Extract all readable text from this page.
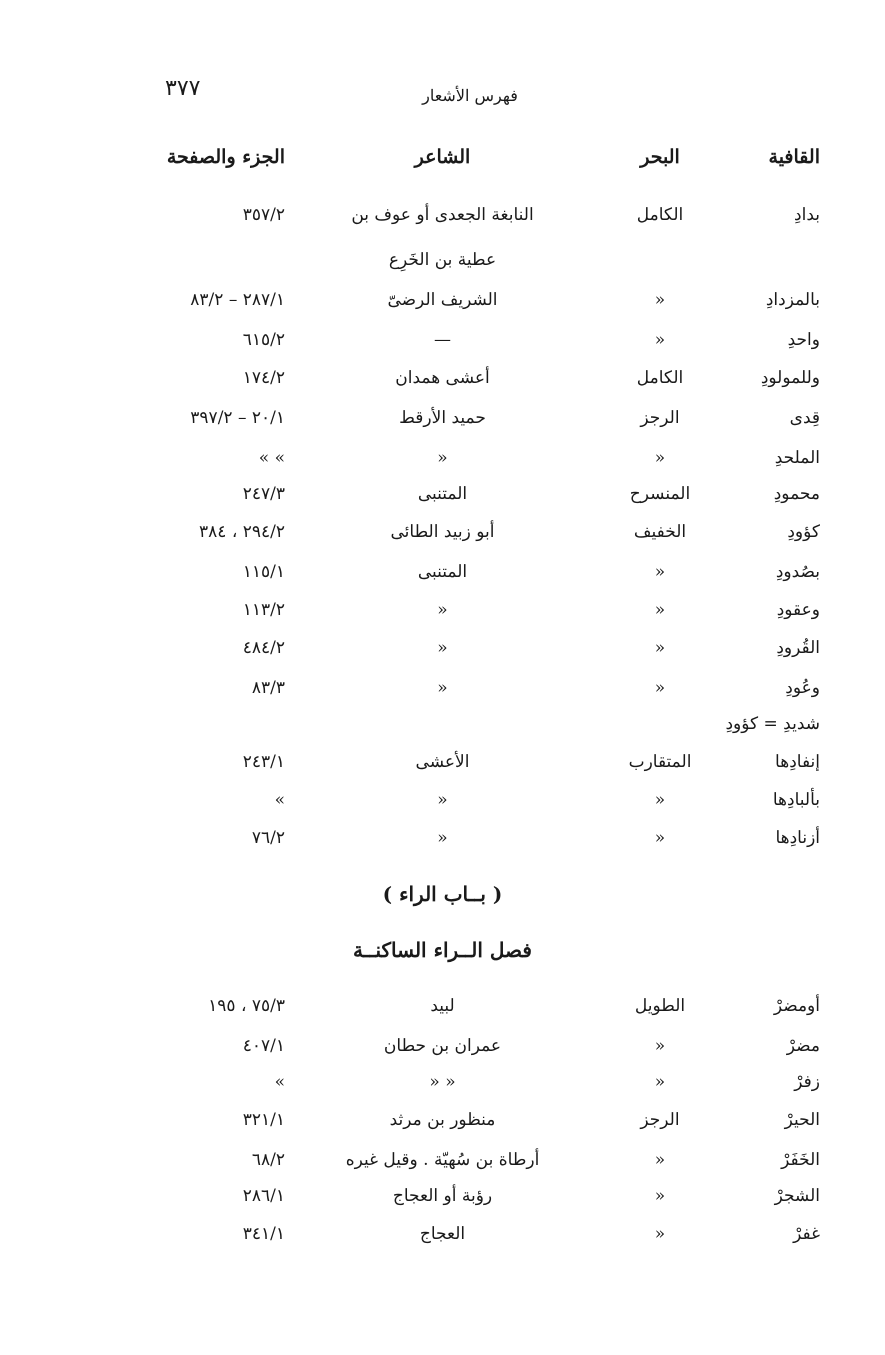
٣٧٧	فهرس الأشعار
القافية
البحر
الشاعر
الجزء والصفحة
بدادِ
الكامل
النابغة الجعدى أو عوف بن
٣٥٧/٢
عطية بن الخَرِع
بالمزدادِ
»
الشريف الرضىّ
٢٨٧/١ – ٨٣/٢
واحدِ
»
—
٦١٥/٢
وللمولودِ
الكامل
أعشى همدان
١٧٤/٢
قِدى
الرجز
حميد الأرقط
٢٠/١ – ٣٩٧/٢
الملحدِ
»
»
» »
محمودِ
المنسرح
المتنبى
٢٤٧/٣
كؤودِ
الخفيف
أبو زبيد الطائى
٢٩٤/٢ ، ٣٨٤
بصُدودِ
»
المتنبى
١١٥/١
وعقودِ
»
»
١١٣/٢
القُرودِ
»
»
٤٨٤/٢
وعُودِ
»
»
٨٣/٣
شديدِ = كؤودِ
إنفادِها
المتقارب
الأعشى
٢٤٣/١
بألبادِها
»
»
»
أزنادِها
»
»
٧٦/٢
( بــاب الراء )
فصل الــراء الساكنــة
أومضرْ
الطويل
لبيد
٧٥/٣ ، ١٩٥
مضرْ
»
عمران بن حطان
٤٠٧/١
زفرْ
»
» »
»
الحيرْ
الرجز
منظور بن مرثد
٣٢١/١
الخَفَرْ
»
أرطاة بن سُهيّة . وقيل غيره
٦٨/٢
الشجرْ
»
رؤبة أو العجاج
٢٨٦/١
غفرْ
»
العجاج
٣٤١/١
